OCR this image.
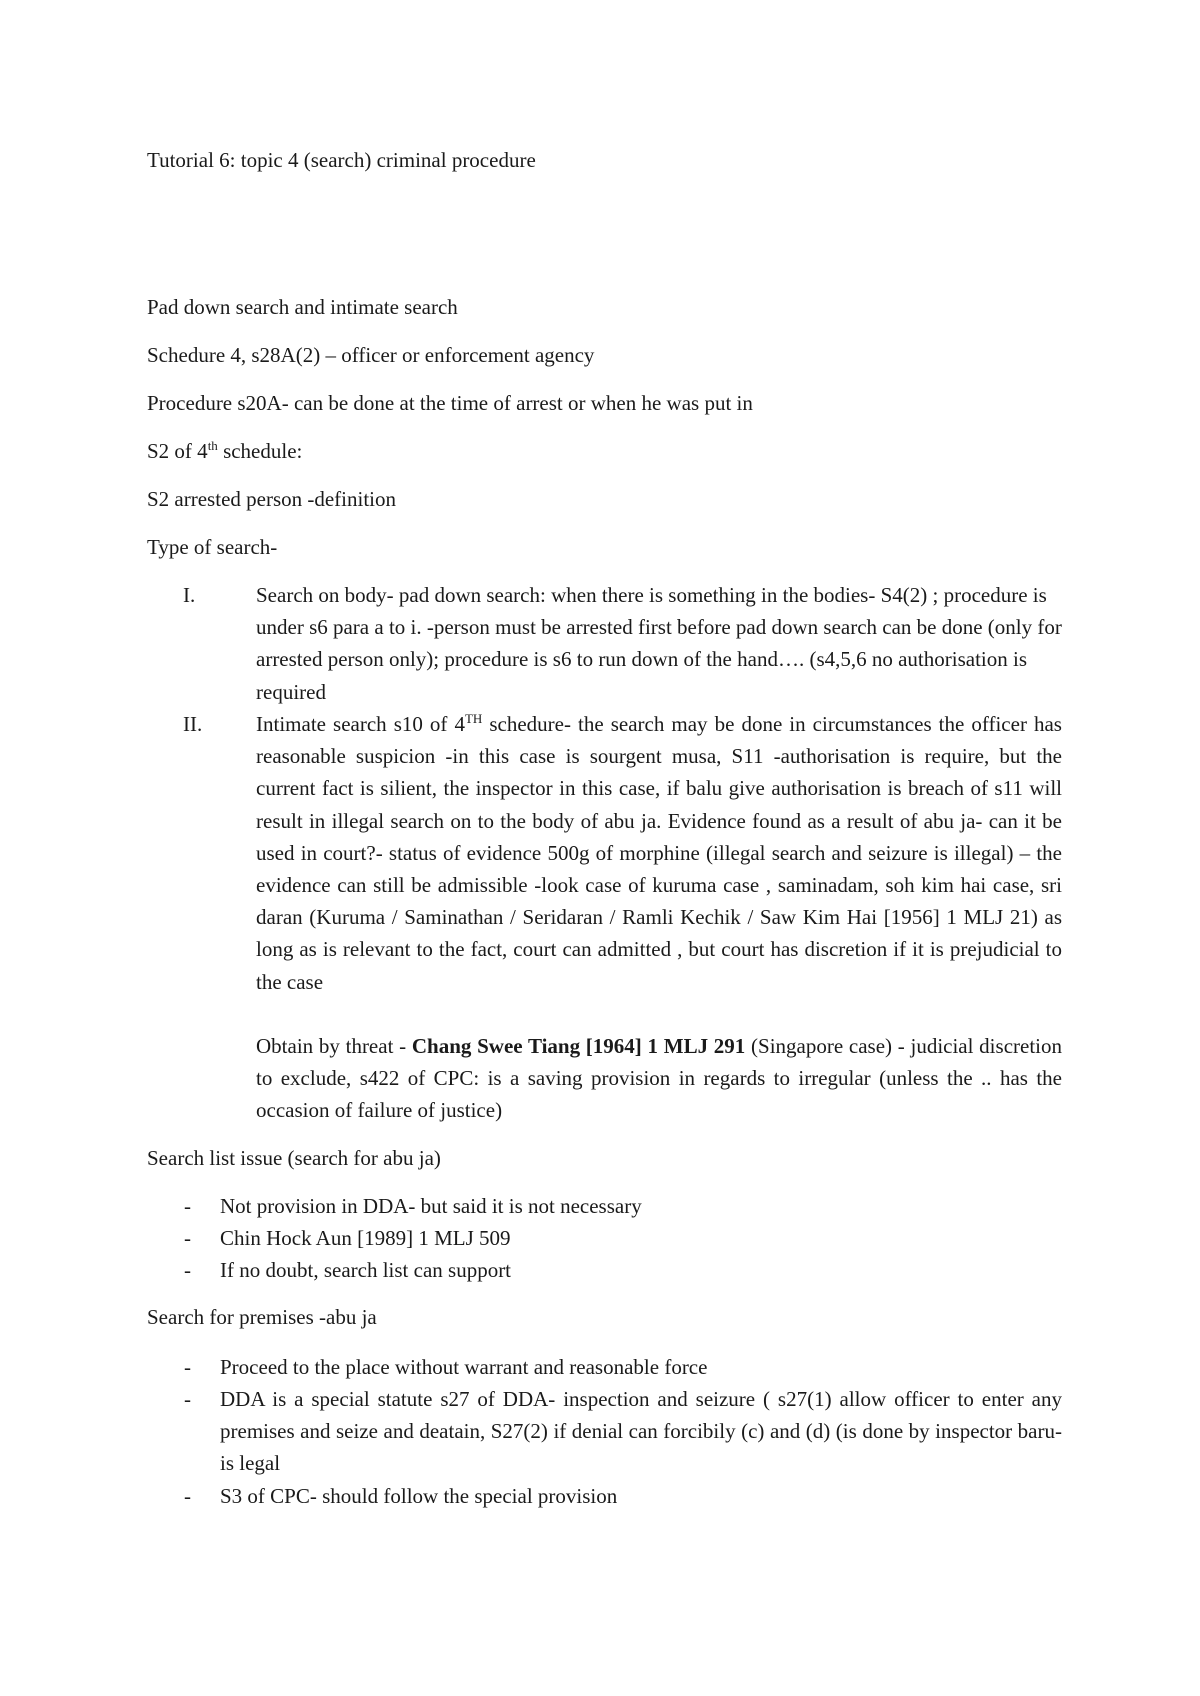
Tutorial 6: topic 4 (search) criminal procedure
Pad down search and intimate search
Schedure 4, s28A(2) – officer or enforcement agency
Procedure s20A- can be done at the time of arrest or when he was put in
S2 of 4th schedule:
S2 arrested person -definition
Type of search-
I.	Search on body- pad down search: when there is something in the bodies- S4(2) ; procedure is under s6 para a to i. -person must be arrested first before pad down search can be done (only for arrested person only); procedure is s6 to run down of the hand…. (s4,5,6 no authorisation is required
II.	Intimate search s10 of 4TH schedure- the search may be done in circumstances the officer has reasonable suspicion -in this case is sourgent musa, S11 -authorisation is require, but the current fact is silient, the inspector in this case, if balu give authorisation is breach of s11 will result in illegal search on to the body of abu ja. Evidence found as a result of abu ja- can it be used in court?- status of evidence 500g of morphine (illegal search and seizure is illegal) – the evidence can still be admissible -look case of kuruma case , saminadam, soh kim hai case, sri daran (Kuruma / Saminathan / Seridaran / Ramli Kechik / Saw Kim Hai [1956] 1 MLJ 21) as long as is relevant to the fact, court can admitted , but court has discretion if it is prejudicial to the case
Obtain by threat - Chang Swee Tiang [1964] 1 MLJ 291 (Singapore case) - judicial discretion to exclude, s422 of CPC: is a saving provision in regards to irregular (unless the .. has the occasion of failure of justice)
Search list issue (search for abu ja)
- Not provision in DDA- but said it is not necessary
- Chin Hock Aun [1989] 1 MLJ 509
- If no doubt, search list can support
Search for premises -abu ja
- Proceed to the place without warrant and reasonable force
- DDA is a special statute s27 of DDA- inspection and seizure ( s27(1) allow officer to enter any premises and seize and deatain, S27(2) if denial can forcibily (c) and (d) (is done by inspector baru- is legal
- S3 of CPC- should follow the special provision
